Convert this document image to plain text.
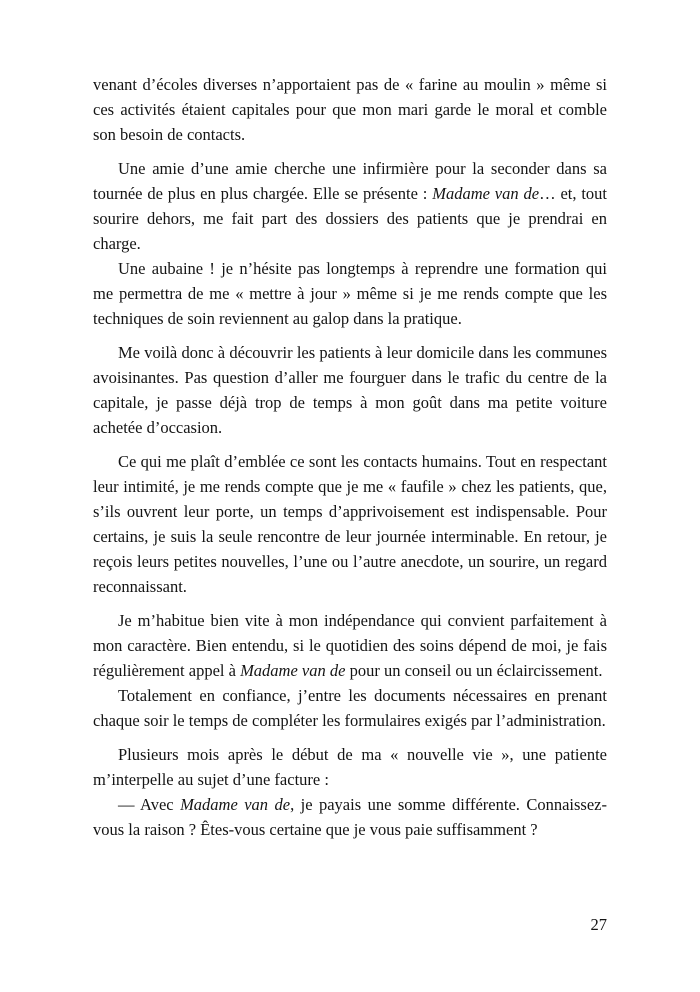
venant d’écoles diverses n’apportaient pas de « farine au moulin » même si ces activités étaient capitales pour que mon mari garde le moral et comble son besoin de contacts.

Une amie d’une amie cherche une infirmière pour la seconder dans sa tournée de plus en plus chargée. Elle se présente : Madame van de… et, tout sourire dehors, me fait part des dossiers des patients que je prendrai en charge.

Une aubaine ! je n’hésite pas longtemps à reprendre une formation qui me permettra de me « mettre à jour » même si je me rends compte que les techniques de soin reviennent au galop dans la pratique.

Me voilà donc à découvrir les patients à leur domicile dans les communes avoisinantes. Pas question d’aller me fourguer dans le trafic du centre de la capitale, je passe déjà trop de temps à mon goût dans ma petite voiture achetée d’occasion.

Ce qui me plaît d’emblée ce sont les contacts humains. Tout en respectant leur intimité, je me rends compte que je me « faufile » chez les patients, que, s’ils ouvrent leur porte, un temps d’apprivoisement est indispensable. Pour certains, je suis la seule rencontre de leur journée interminable. En retour, je reçois leurs petites nouvelles, l’une ou l’autre anecdote, un sourire, un regard reconnaissant.

Je m’habitue bien vite à mon indépendance qui convient parfaitement à mon caractère. Bien entendu, si le quotidien des soins dépend de moi, je fais régulièrement appel à Madame van de pour un conseil ou un éclaircissement.

Totalement en confiance, j’entre les documents nécessaires en prenant chaque soir le temps de compléter les formulaires exigés par l’administration.

Plusieurs mois après le début de ma « nouvelle vie », une patiente m’interpelle au sujet d’une facture :

— Avec Madame van de, je payais une somme différente. Connaissez-vous la raison ? Êtes-vous certaine que je vous paie suffisamment ?

27
